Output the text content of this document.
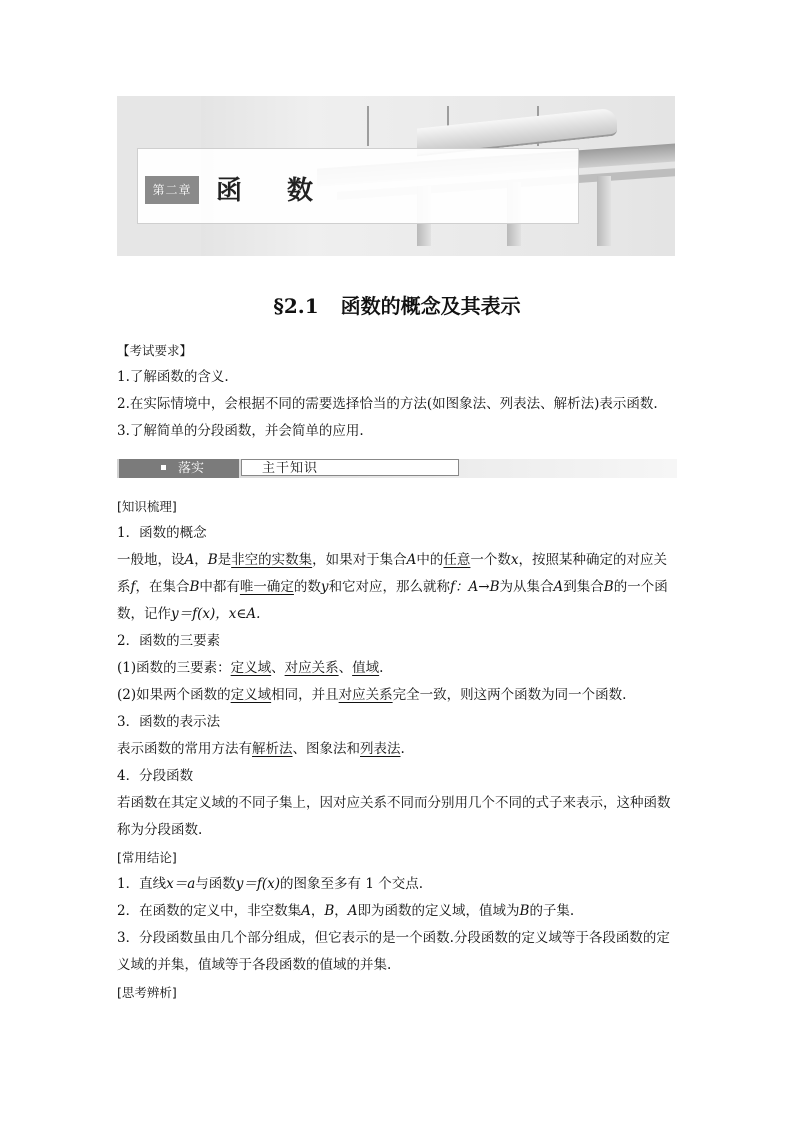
第二章 函 数
§2.1 函数的概念及其表示

【考试要求】

1.了解函数的含义.

2.在实际情境中，会根据不同的需要选择恰当的方法(如图象法、列表法、解析法)表示函数.

3.了解简单的分段函数，并会简单的应用.

落实	主干知识

[知识梳理]

1．函数的概念

一般地，设A，B是非空的实数集，如果对于集合A中的任意一个数x，按照某种确定的对应关系f，在集合B中都有唯一确定的数y和它对应，那么就称f：A→B为从集合A到集合B的一个函数，记作y＝f(x)，x∈A.

2．函数的三要素

(1)函数的三要素：定义域、对应关系、值域.

(2)如果两个函数的定义域相同，并且对应关系完全一致，则这两个函数为同一个函数.

3．函数的表示法

表示函数的常用方法有解析法、图象法和列表法.

4．分段函数

若函数在其定义域的不同子集上，因对应关系不同而分别用几个不同的式子来表示，这种函数称为分段函数.

[常用结论]

1．直线x＝a与函数y＝f(x)的图象至多有 1 个交点.

2．在函数的定义中，非空数集A，B，A即为函数的定义域，值域为B的子集.

3．分段函数虽由几个部分组成，但它表示的是一个函数.分段函数的定义域等于各段函数的定义域的并集，值域等于各段函数的值域的并集.

[思考辨析]
